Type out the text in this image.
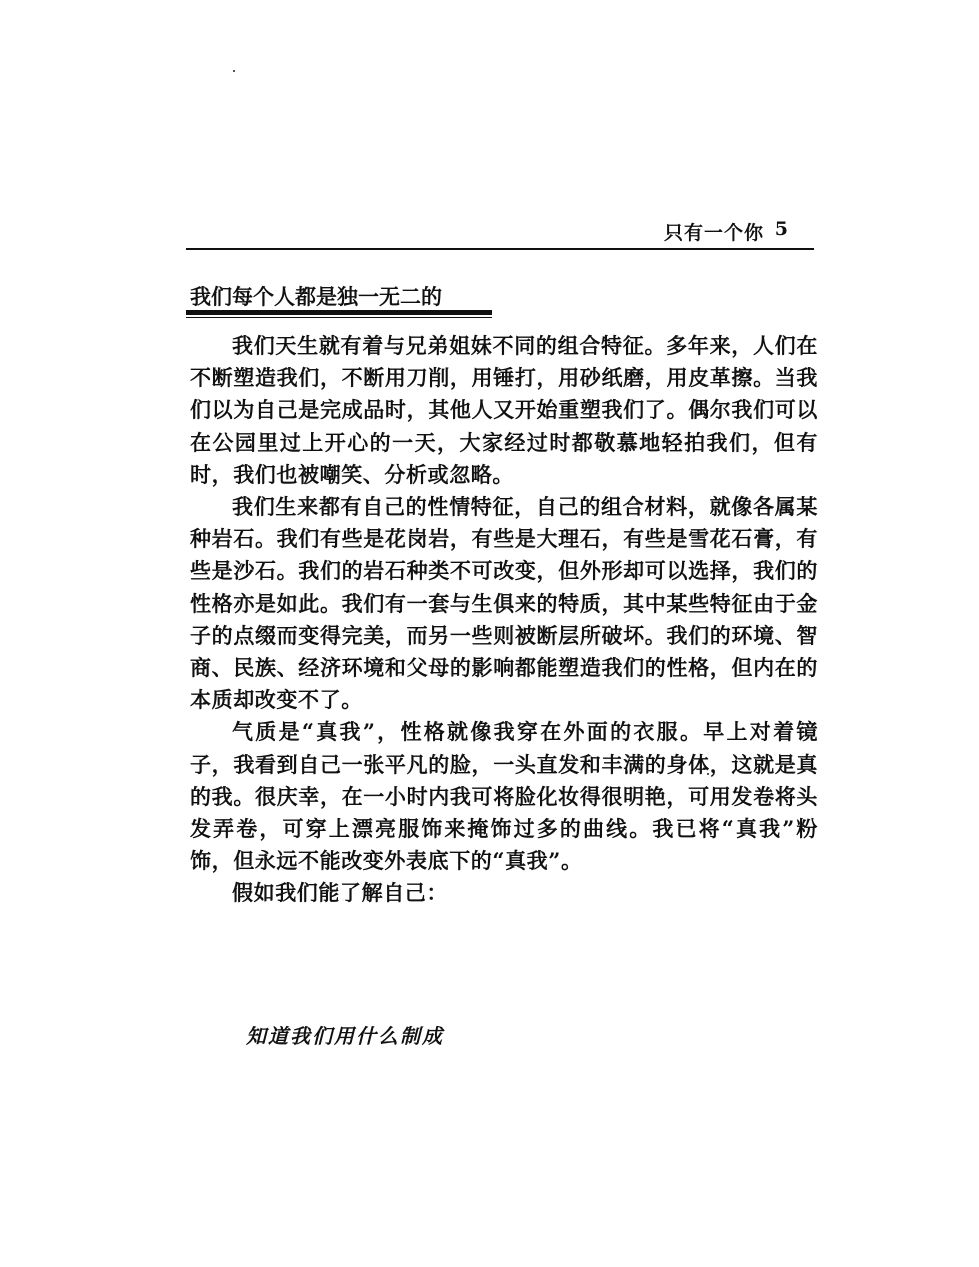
只有一个你 5
我们每个人都是独一无二的

我们天生就有着与兄弟姐妹不同的组合特征。多年来，人们在不断塑造我们，不断用刀削，用锤打，用砂纸磨，用皮革擦。当我们以为自己是完成品时，其他人又开始重塑我们了。偶尔我们可以在公园里过上开心的一天，大家经过时都敬慕地轻拍我们，但有时，我们也被嘲笑、分析或忽略。

我们生来都有自己的性情特征，自己的组合材料，就像各属某种岩石。我们有些是花岗岩，有些是大理石，有些是雪花石膏，有些是沙石。我们的岩石种类不可改变，但外形却可以选择，我们的性格亦是如此。我们有一套与生俱来的特质，其中某些特征由于金子的点缀而变得完美，而另一些则被断层所破坏。我们的环境、智商、民族、经济环境和父母的影响都能塑造我们的性格，但内在的本质却改变不了。

气质是“真我”，性格就像我穿在外面的衣服。早上对着镜子，我看到自己一张平凡的脸，一头直发和丰满的身体，这就是真的我。很庆幸，在一小时内我可将脸化妆得很明艳，可用发卷将头发弄卷，可穿上漂亮服饰来掩饰过多的曲线。我已将“真我”粉饰，但永远不能改变外表底下的“真我”。

假如我们能了解自己：

知道我们用什么制成
